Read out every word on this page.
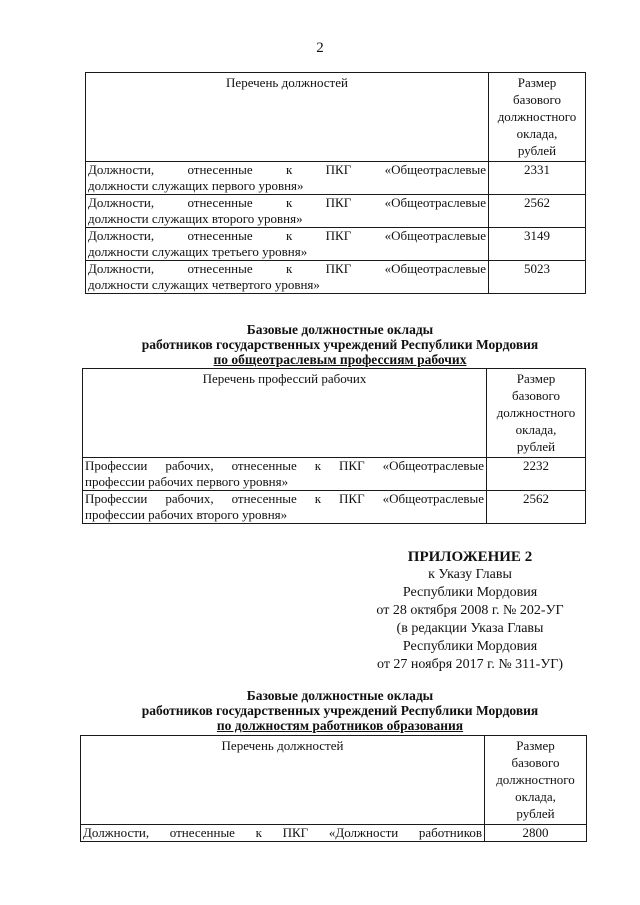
2
Перечень должностей	Размер
базового
должностного
оклада,
рублей

Должности, отнесенные к ПКГ «Общеотраслевые
должности служащих первого уровня»	2331

Должности, отнесенные к ПКГ «Общеотраслевые
должности служащих второго уровня»	2562

Должности, отнесенные к ПКГ «Общеотраслевые
должности служащих третьего уровня»	3149

Должности, отнесенные к ПКГ «Общеотраслевые
должности служащих четвертого уровня»	5023
Базовые должностные оклады
работников государственных учреждений Республики Мордовия
по общеотраслевым профессиям рабочих
Перечень профессий рабочих	Размер
базового
должностного
оклада,
рублей

Профессии рабочих, отнесенные к ПКГ «Общеотраслевые
профессии рабочих первого уровня»	2232

Профессии рабочих, отнесенные к ПКГ «Общеотраслевые
профессии рабочих второго уровня»	2562
ПРИЛОЖЕНИЕ 2
к Указу Главы
Республики Мордовия
от 28 октября 2008 г. № 202-УГ
(в редакции Указа Главы
Республики Мордовия
от 27 ноября 2017 г. № 311-УГ)
Базовые должностные оклады
работников государственных учреждений Республики Мордовия
по должностям работников образования
Перечень должностей	Размер
базового
должностного
оклада,
рублей

Должности, отнесенные к ПКГ «Должности работников	2800
